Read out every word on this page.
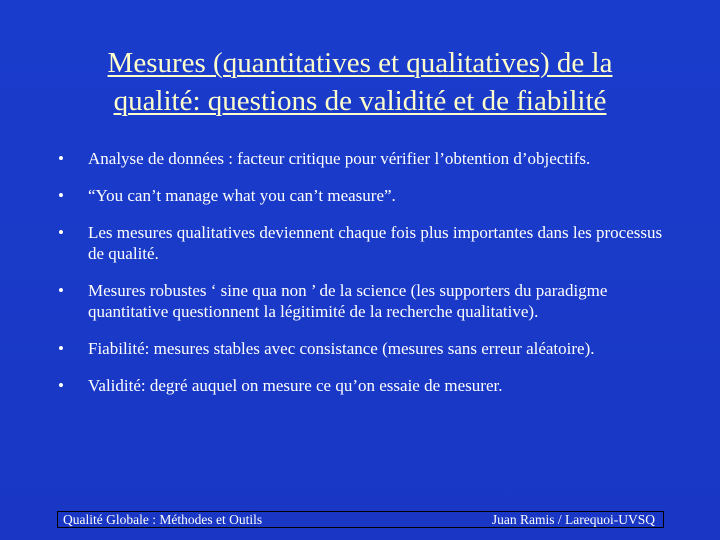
Mesures (quantitatives et qualitatives) de la
qualité: questions de validité et de fiabilité
• Analyse de données : facteur critique pour vérifier l’obtention d’objectifs.
• “You can’t manage what you can’t measure”.
• Les mesures qualitatives deviennent chaque fois plus importantes dans les processus de qualité.
• Mesures robustes ‘ sine qua non ’ de la science (les supporters du paradigme quantitative questionnent la légitimité de la recherche qualitative).
• Fiabilité: mesures stables avec consistance (mesures sans erreur aléatoire).
• Validité: degré auquel on mesure ce qu’on essaie de mesurer.
Qualité Globale : Méthodes et Outils	Juan Ramis / Larequoi-UVSQ
